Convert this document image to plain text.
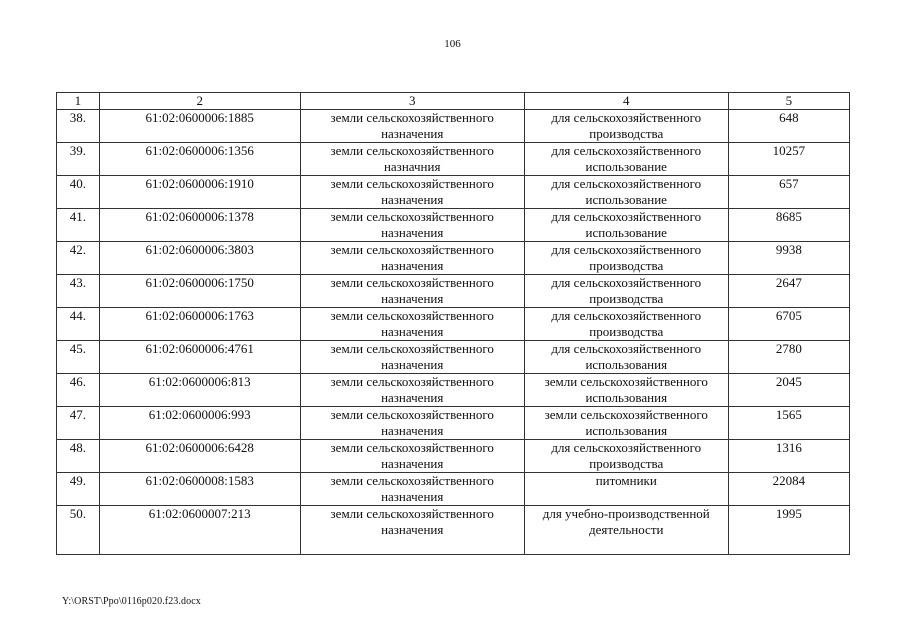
106
1	2	3	4	5
38.	61:02:0600006:1885	земли сельскохозяйственного назначения	для сельскохозяйственного производства	648
39.	61:02:0600006:1356	земли сельскохозяйственного назначния	для сельскохозяйственного использование	10257
40.	61:02:0600006:1910	земли сельскохозяйственного назначения	для сельскохозяйственного использование	657
41.	61:02:0600006:1378	земли сельскохозяйственного назначения	для сельскохозяйственного использование	8685
42.	61:02:0600006:3803	земли сельскохозяйственного назначения	для сельскохозяйственного производства	9938
43.	61:02:0600006:1750	земли сельскохозяйственного назначения	для сельскохозяйственного производства	2647
44.	61:02:0600006:1763	земли сельскохозяйственного назначения	для сельскохозяйственного производства	6705
45.	61:02:0600006:4761	земли сельскохозяйственного назначения	для сельскохозяйственного использования	2780
46.	61:02:0600006:813	земли сельскохозяйственного назначения	земли сельскохозяйственного использования	2045
47.	61:02:0600006:993	земли сельскохозяйственного назначения	земли сельскохозяйственного использования	1565
48.	61:02:0600006:6428	земли сельскохозяйственного назначения	для сельскохозяйственного производства	1316
49.	61:02:0600008:1583	земли сельскохозяйственного назначения	питомники	22084
50.	61:02:0600007:213	земли сельскохозяйственного назначения	для учебно-производственной деятельности	1995
Y:\ORST\Ppo\0116p020.f23.docx
